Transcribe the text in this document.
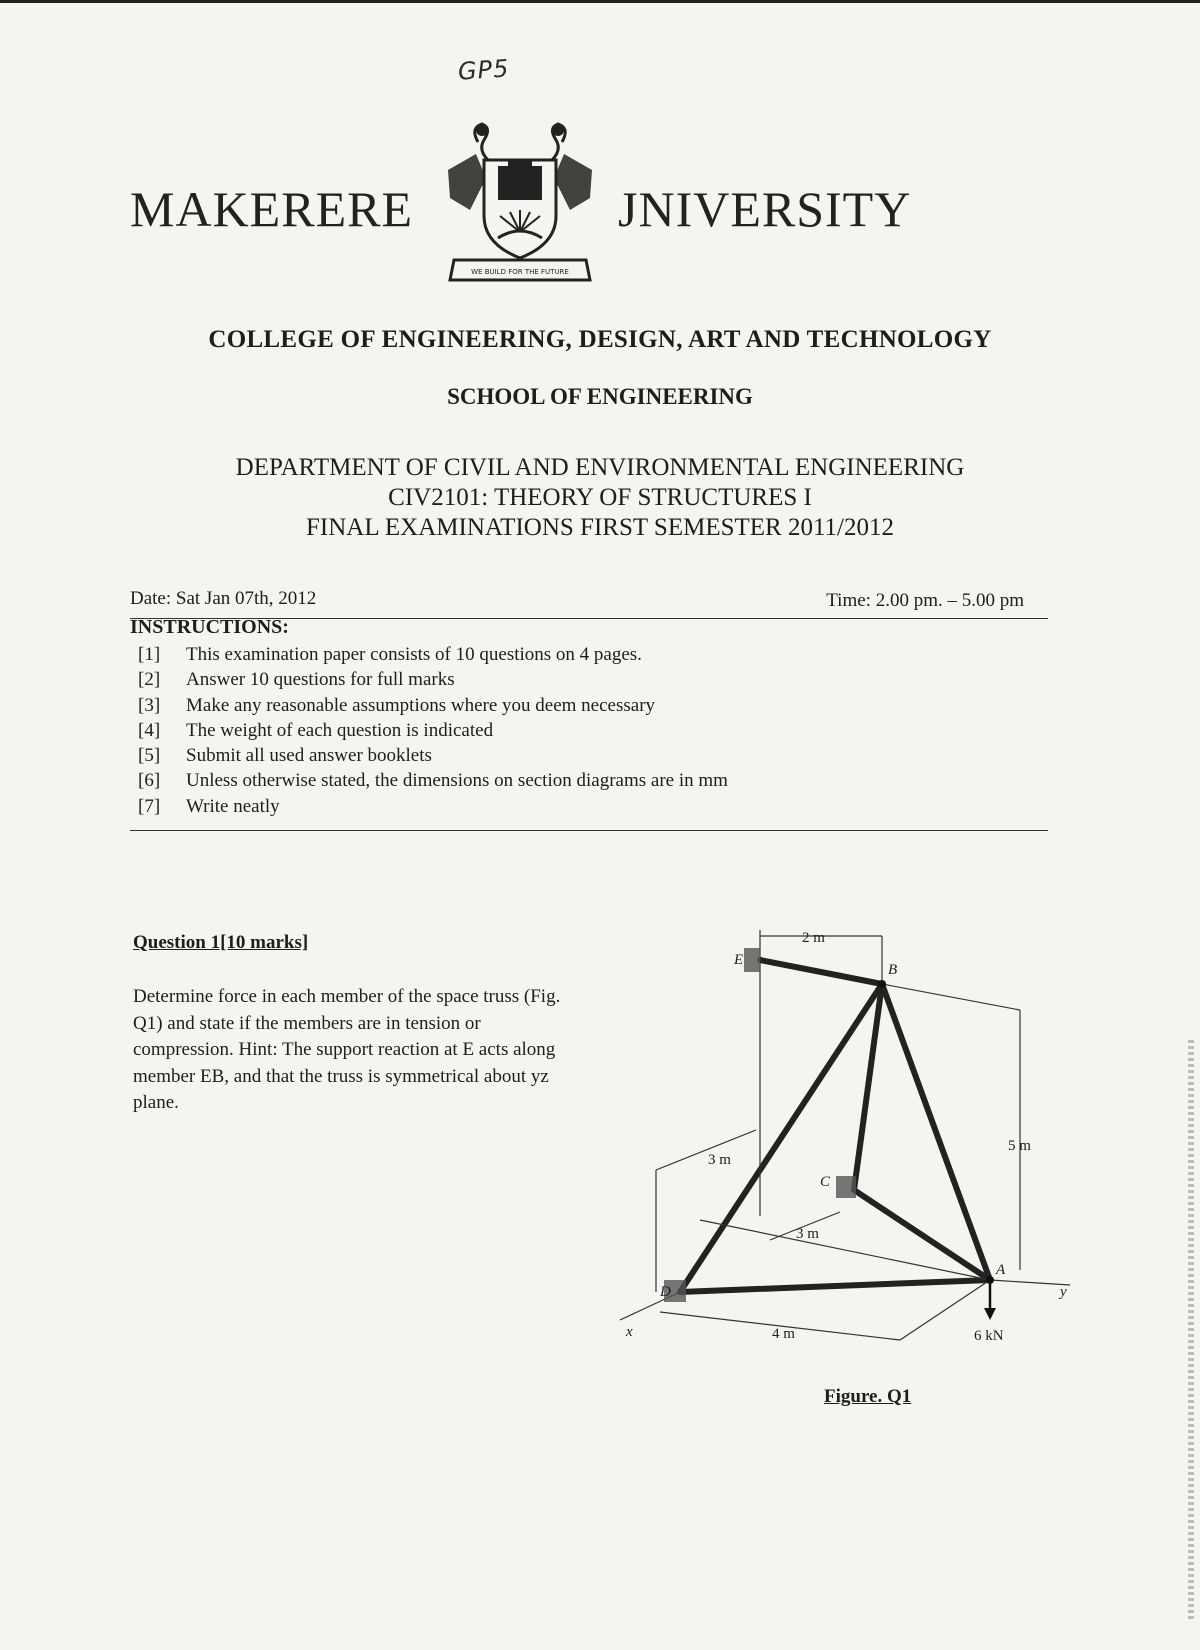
GP5
MAKERERE
WE BUILD FOR THE FUTURE
JNIVERSITY
COLLEGE OF ENGINEERING, DESIGN, ART AND TECHNOLOGY
SCHOOL OF ENGINEERING
DEPARTMENT OF CIVIL AND ENVIRONMENTAL ENGINEERING
CIV2101: THEORY OF STRUCTURES I
FINAL EXAMINATIONS FIRST SEMESTER 2011/2012
Date: Sat Jan 07th, 2012	Time: 2.00 pm. – 5.00 pm
INSTRUCTIONS:
[1]	This examination paper consists of 10 questions on 4 pages.
[2]	Answer 10 questions for full marks
[3]	Make any reasonable assumptions where you deem necessary
[4]	The weight of each question is indicated
[5]	Submit all used answer booklets
[6]	Unless otherwise stated, the dimensions on section diagrams are in mm
[7]	Write neatly
Question 1[10 marks]
Determine force in each member of the space truss (Fig. Q1) and state if the members are in tension or compression. Hint: The support reaction at E acts along member EB, and that the truss is symmetrical about yz plane.
E
B
C
D
A
x
y
2 m
5 m
3 m
3 m
4 m	6 kN
Figure. Q1
